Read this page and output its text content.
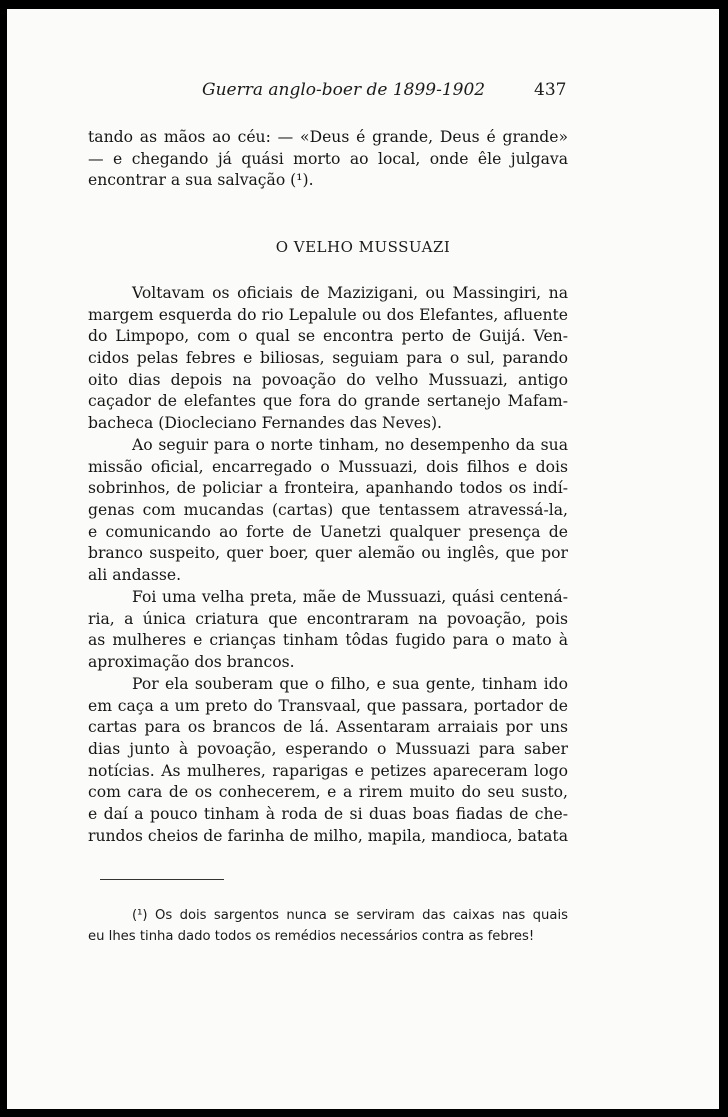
Guerra anglo-boer de 1899-1902	437
tando as mãos ao céu: — «Deus é grande, Deus é grande»
— e chegando já quási morto ao local, onde êle julgava
encontrar a sua salvação (¹).
O VELHO MUSSUAZI
Voltavam os oficiais de Mazizigani, ou Massingiri, na
margem esquerda do rio Lepalule ou dos Elefantes, afluente
do Limpopo, com o qual se encontra perto de Guijá. Ven-
cidos pelas febres e biliosas, seguiam para o sul, parando
oito dias depois na povoação do velho Mussuazi, antigo
caçador de elefantes que fora do grande sertanejo Mafam-
bacheca (Diocleciano Fernandes das Neves).
Ao seguir para o norte tinham, no desempenho da sua
missão oficial, encarregado o Mussuazi, dois filhos e dois
sobrinhos, de policiar a fronteira, apanhando todos os indí-
genas com mucandas (cartas) que tentassem atravessá-la,
e comunicando ao forte de Uanetzi qualquer presença de
branco suspeito, quer boer, quer alemão ou inglês, que por
ali andasse.
Foi uma velha preta, mãe de Mussuazi, quási centená-
ria, a única criatura que encontraram na povoação, pois
as mulheres e crianças tinham tôdas fugido para o mato à
aproximação dos brancos.
Por ela souberam que o filho, e sua gente, tinham ido
em caça a um preto do Transvaal, que passara, portador de
cartas para os brancos de lá. Assentaram arraiais por uns
dias junto à povoação, esperando o Mussuazi para saber
notícias. As mulheres, raparigas e petizes apareceram logo
com cara de os conhecerem, e a rirem muito do seu susto,
e daí a pouco tinham à roda de si duas boas fiadas de che-
rundos cheios de farinha de milho, mapila, mandioca, batata
(¹) Os dois sargentos nunca se serviram das caixas nas quais
eu lhes tinha dado todos os remédios necessários contra as febres!
